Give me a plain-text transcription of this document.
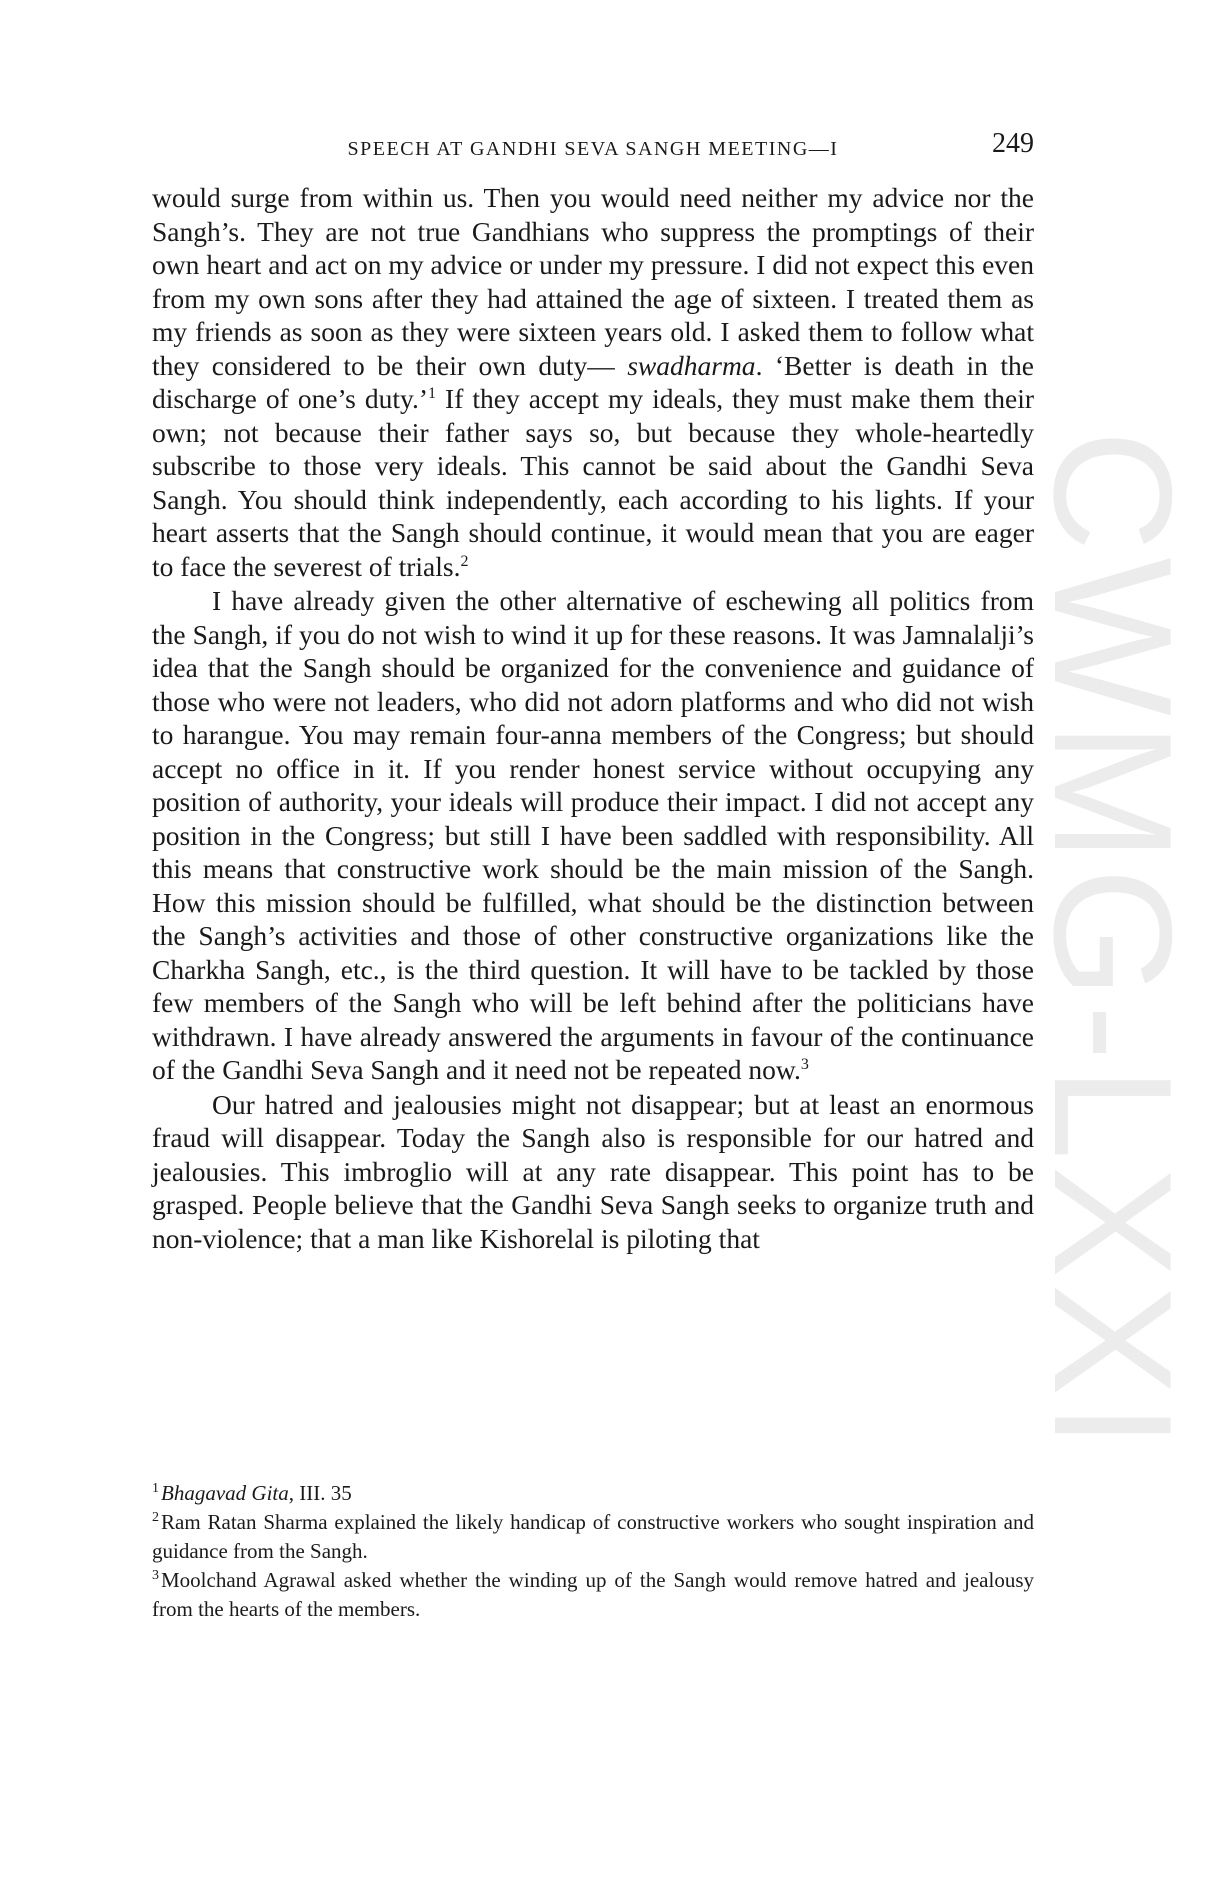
CWMG-LXXI
SPEECH AT GANDHI SEVA SANGH MEETING—I	249

would surge from within us. Then you would need neither my advice nor the Sangh’s. They are not true Gandhians who suppress the promptings of their own heart and act on my advice or under my pressure. I did not expect this even from my own sons after they had attained the age of sixteen. I treated them as my friends as soon as they were sixteen years old. I asked them to follow what they considered to be their own duty— swadharma. ‘Better is death in the discharge of one’s duty.’$^1$ If they accept my ideals, they must make them their own; not because their father says so, but because they whole-heartedly subscribe to those very ideals. This cannot be said about the Gandhi Seva Sangh. You should think independently, each according to his lights. If your heart asserts that the Sangh should continue, it would mean that you are eager to face the severest of trials.$^2$

I have already given the other alternative of eschewing all politics from the Sangh, if you do not wish to wind it up for these reasons. It was Jamnalalji’s idea that the Sangh should be organized for the convenience and guidance of those who were not leaders, who did not adorn platforms and who did not wish to harangue. You may remain four-anna members of the Congress; but should accept no office in it. If you render honest service without occupying any position of authority, your ideals will produce their impact. I did not accept any position in the Congress; but still I have been saddled with responsibility. All this means that constructive work should be the main mission of the Sangh. How this mission should be fulfilled, what should be the distinction between the Sangh’s activities and those of other constructive organizations like the Charkha Sangh, etc., is the third question. It will have to be tackled by those few members of the Sangh who will be left behind after the politicians have withdrawn. I have already answered the arguments in favour of the continuance of the Gandhi Seva Sangh and it need not be repeated now.$^3$

Our hatred and jealousies might not disappear; but at least an enormous fraud will disappear. Today the Sangh also is responsible for our hatred and jealousies. This imbroglio will at any rate disappear. This point has to be grasped. People believe that the Gandhi Seva Sangh seeks to organize truth and non-violence; that a man like Kishorelal is piloting that

$^1$Bhagavad Gita, III. 35

$^2$Ram Ratan Sharma explained the likely handicap of constructive workers who sought inspiration and guidance from the Sangh.

$^3$Moolchand Agrawal asked whether the winding up of the Sangh would remove hatred and jealousy from the hearts of the members.
